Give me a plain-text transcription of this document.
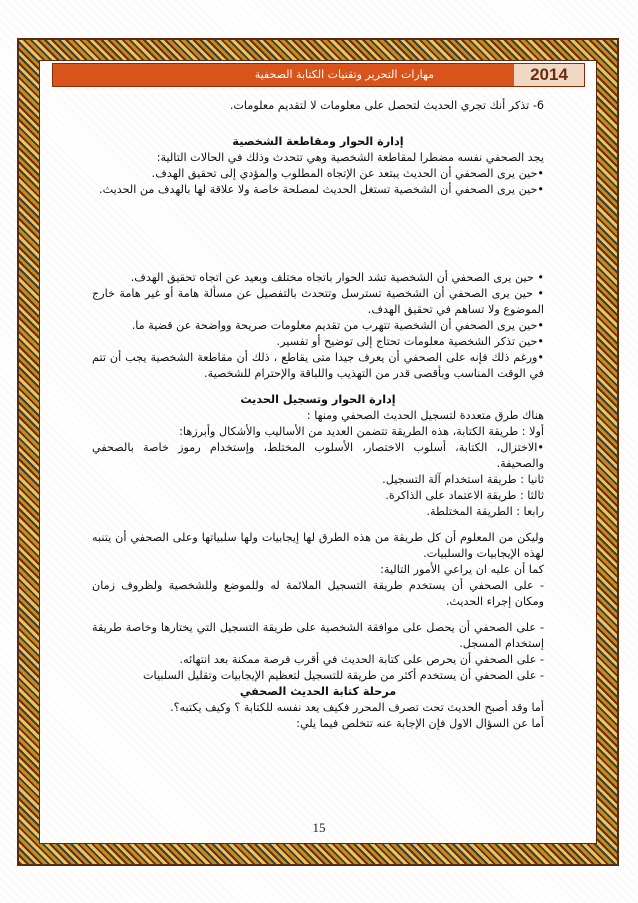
مهارات التحرير وتقنيات الكتابة الصحفية	2014

6- تذكر أنك تجري الحديث لتحصل على معلومات لا لتقديم معلومات.

إدارة الحوار ومقاطعة الشخصية

يجد الصحفي نفسه مضطرا لمقاطعة الشخصية وهي تتحدث وذلك في الحالات التالية:

•حين يرى الصحفي أن الحديث يبتعد عن الإتجاه المطلوب والمؤدي إلى تحقيق الهدف.

•حين يرى الصحفي أن الشخصية تستغل الحديث لمصلحة خاصة ولا علاقة لها بالهدف من الحديث.

• حين يرى الصحفي أن الشخصية تشد الحوار باتجاه مختلف وبعيد عن اتجاه تحقيق الهدف.

• حين يرى الصحفي أن الشخصية تسترسل وتتحدث بالتفصيل عن مسألة هامة أو غير هامة خارج الموضوع ولا تساهم في تحقيق الهدف.

•حين يرى الصحفي أن الشخصية تتهرب من تقديم معلومات صريحة وواضحة عن قضية ما.

•حين تذكر الشخصية معلومات تحتاج إلى توضيح أو تفسير.

•ورغم ذلك فإنه على الصحفي أن يعرف جيدا متى يقاطع ، ذلك أن مقاطعة الشخصية يجب أن تتم في الوقت المناسب وبأقصى قدر من التهذيب واللباقة والإحترام للشخصية.

إدارة الحوار وتسجيل الحديث

هناك طرق متعددة لتسجيل الحديث الصحفي ومنها :

أولا : طريقة الكتابة، هذه الطريقة تتضمن العديد من الأساليب والأشكال وأبرزها:

•الاختزال، الكتابة، أسلوب الاختصار، الأسلوب المختلط، وإستخدام رموز خاصة بالصحفي والصحيفة.

ثانيا : طريقة استخدام آلة التسجيل.

ثالثا : طريقة الاعتماد على الذاكرة.

رابعا : الطريقة المختلطة.

وليكن من المعلوم أن كل طريقة من هذه الطرق لها إيجابيات ولها سلبياتها وعلى الصحفي أن يتنبه لهذه الإيجابيات والسلبيات.

كما أن عليه ان يراعي الأمور التالية:

- على الصحفي أن يستخدم طريقة التسجيل الملائمة له وللموضع وللشخصية ولظروف زمان ومكان إجراء الحديث.

- على الصحفي أن يحصل على موافقة الشخصية على طريقة التسجيل التي يختارها وخاصة طريقة إستخدام المسجل.

- على الصحفي أن يحرص على كتابة الحديث في أقرب فرصة ممكنة بعد انتهائه.

- على الصحفي أن يستخدم أكثر من طريقة للتسجيل لتعظيم الإيجابيات وتقليل السلبيات

مرحلة كتابة الحديث الصحفي

أما وقد أصبح الحديث تحت تصرف المحرر فكيف يعد نفسه للكتابة ؟ وكيف يكتبه؟.

أما عن السؤال الاول فإن الإجابة عنه تتخلص فيما يلي:

15
